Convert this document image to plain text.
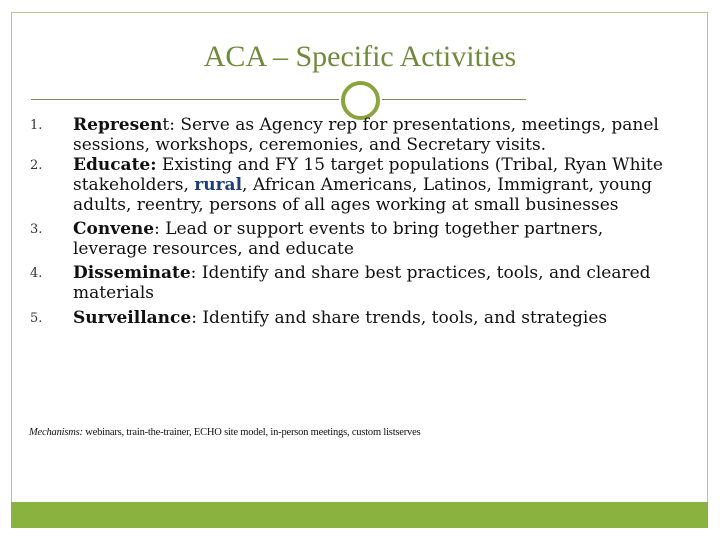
ACA – Specific Activities
1. Represent: Serve as Agency rep for presentations, meetings, panel sessions, workshops, ceremonies, and Secretary visits.
2. Educate: Existing and FY 15 target populations (Tribal, Ryan White stakeholders, rural, African Americans, Latinos, Immigrant, young adults, reentry, persons of all ages working at small businesses
3. Convene: Lead or support events to bring together partners, leverage resources, and educate
4. Disseminate: Identify and share best practices, tools, and cleared materials
5. Surveillance: Identify and share trends, tools, and strategies
Mechanisms: webinars, train-the-trainer, ECHO site model, in-person meetings, custom listserves
